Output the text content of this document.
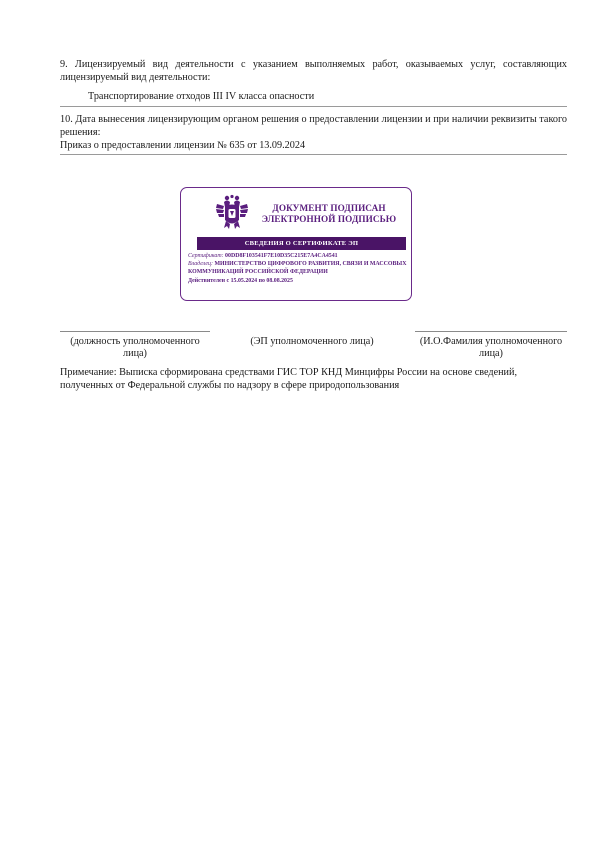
9. Лицензируемый вид деятельности с указанием выполняемых работ, оказываемых услуг, составляющих лицензируемый вид деятельности:
Транспортирование отходов III IV класса опасности
10. Дата вынесения лицензирующим органом решения о предоставлении лицензии и при наличии реквизиты такого решения:
Приказ о предоставлении лицензии № 635 от 13.09.2024
ДОКУМЕНТ ПОДПИСАН
ЭЛЕКТРОННОЙ ПОДПИСЬЮ
СВЕДЕНИЯ О СЕРТИФИКАТЕ ЭП
Сертификат: 00DD8F103541F7E10D35C215E7A4CA4541
Владелец: МИНИСТЕРСТВО ЦИФРОВОГО РАЗВИТИЯ, СВЯЗИ И МАССОВЫХ КОММУНИКАЦИЙ РОССИЙСКОЙ ФЕДЕРАЦИИ
Действителен с 15.05.2024 по 08.08.2025
(должность уполномоченного лица)
(ЭП уполномоченного лица)	(И.О.Фамилия уполномоченного лица)
Примечание: Выписка сформирована средствами ГИС ТОР КНД Минцифры России на основе сведений, полученных от Федеральной службы по надзору в сфере природопользования
